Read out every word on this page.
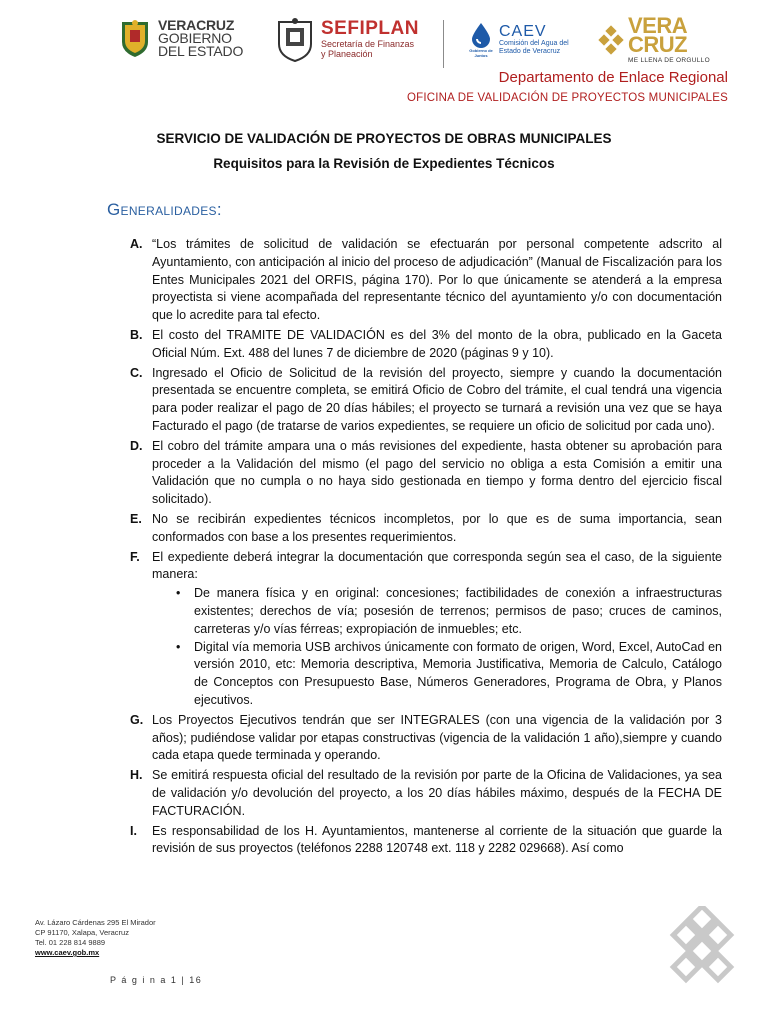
VERACRUZ
GOBIERNO
DEL ESTADO
SEFIPLAN
Secretaría de Finanzas
y Planeación	Gobierno de Juntos
CAEV
Comisión del Agua del
Estado de Veracruz
VERA
CRUZ
ME LLENA DE ORGULLO
Departamento de Enlace Regional
OFICINA DE VALIDACIÓN DE PROYECTOS MUNICIPALES
SERVICIO DE VALIDACIÓN DE PROYECTOS DE OBRAS MUNICIPALES
Requisitos para la Revisión de Expedientes Técnicos
Generalidades:
A. “Los trámites de solicitud de validación se efectuarán por personal competente adscrito al Ayuntamiento, con anticipación al inicio del proceso de adjudicación” (Manual de Fiscalización para los Entes Municipales 2021 del ORFIS, página 170). Por lo que únicamente se atenderá a la empresa proyectista si viene acompañada del representante técnico del ayuntamiento y/o con documentación que lo acredite para tal efecto.
B. El costo del TRAMITE DE VALIDACIÓN es del 3% del monto de la obra, publicado en la Gaceta Oficial Núm. Ext. 488 del lunes 7 de diciembre de 2020 (páginas 9 y 10).
C. Ingresado el Oficio de Solicitud de la revisión del proyecto, siempre y cuando la documentación presentada se encuentre completa, se emitirá Oficio de Cobro del trámite, el cual tendrá una vigencia para poder realizar el pago de 20 días hábiles; el proyecto se turnará a revisión una vez que se haya Facturado el pago (de tratarse de varios expedientes, se requiere un oficio de solicitud por cada uno).
D. El cobro del trámite ampara una o más revisiones del expediente, hasta obtener su aprobación para proceder a la Validación del mismo (el pago del servicio no obliga a esta Comisión a emitir una Validación que no cumpla o no haya sido gestionada en tiempo y forma dentro del ejercicio fiscal solicitado).
E. No se recibirán expedientes técnicos incompletos, por lo que es de suma importancia, sean conformados con base a los presentes requerimientos.
F. El expediente deberá integrar la documentación que corresponda según sea el caso, de la siguiente manera:
• De manera física y en original: concesiones; factibilidades de conexión a infraestructuras existentes; derechos de vía; posesión de terrenos; permisos de paso; cruces de caminos, carreteras y/o vías férreas; expropiación de inmuebles; etc.
• Digital vía memoria USB archivos únicamente con formato de origen, Word, Excel, AutoCad en versión 2010, etc: Memoria descriptiva, Memoria Justificativa, Memoria de Calculo, Catálogo de Conceptos con Presupuesto Base, Números Generadores, Programa de Obra, y Planos ejecutivos.
G. Los Proyectos Ejecutivos tendrán que ser INTEGRALES (con una vigencia de la validación por 3 años); pudiéndose validar por etapas constructivas (vigencia de la validación 1 año),siempre y cuando cada etapa quede terminada y operando.
H. Se emitirá respuesta oficial del resultado de la revisión por parte de la Oficina de Validaciones, ya sea de validación y/o devolución del proyecto, a los 20 días hábiles máximo, después de la FECHA DE FACTURACIÓN.
I. Es responsabilidad de los H. Ayuntamientos, mantenerse al corriente de la situación que guarde la revisión de sus proyectos (teléfonos 2288 120748 ext. 118 y 2282 029668). Así como
Av. Lázaro Cárdenas 295 El Mirador
CP 91170, Xalapa, Veracruz
Tel. 01 228 814 9889
www.caev.gob.mx
P á g i n a 1 | 16
